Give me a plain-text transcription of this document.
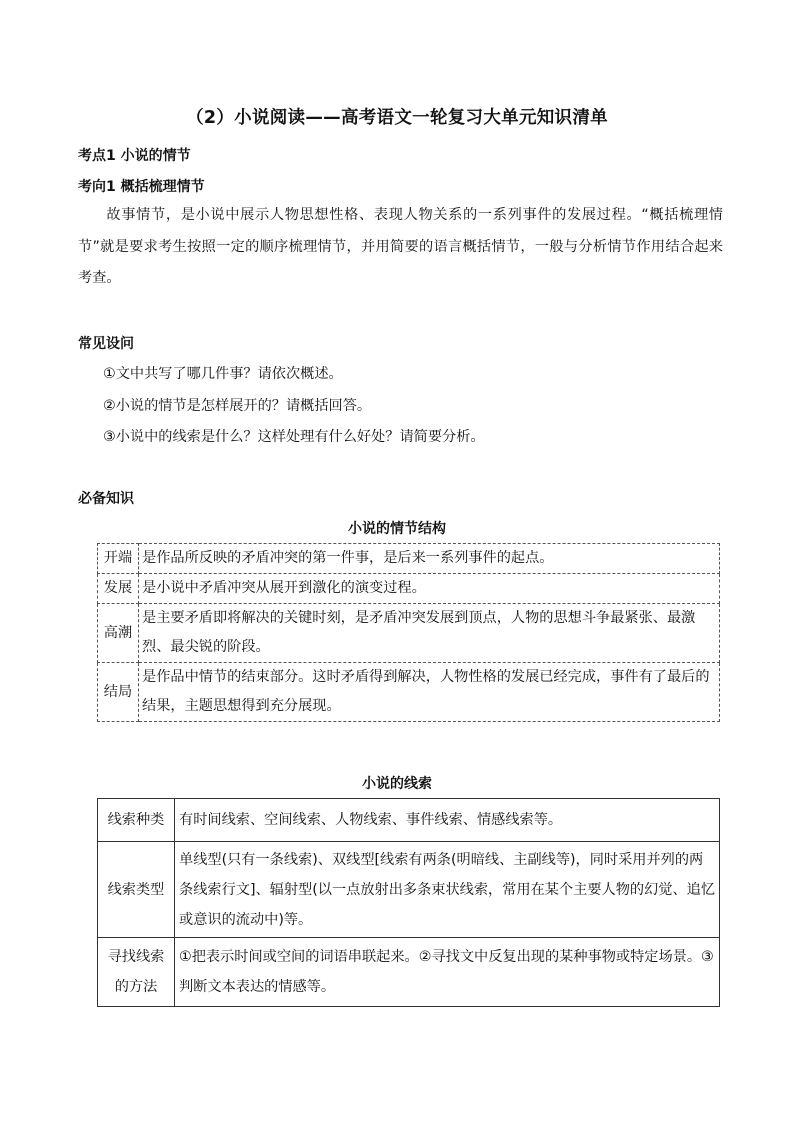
（2）小说阅读——高考语文一轮复习大单元知识清单
考点1 小说的情节
考向1 概括梳理情节
故事情节，是小说中展示人物思想性格、表现人物关系的一系列事件的发展过程。“概括梳理情节”就是要求考生按照一定的顺序梳理情节，并用简要的语言概括情节，一般与分析情节作用结合起来考查。
常见设问
①文中共写了哪几件事？请依次概述。
②小说的情节是怎样展开的？请概括回答。
③小说中的线索是什么？这样处理有什么好处？请简要分析。
必备知识
小说的情节结构
开端	是作品所反映的矛盾冲突的第一件事，是后来一系列事件的起点。
发展	是小说中矛盾冲突从展开到激化的演变过程。
高潮	是主要矛盾即将解决的关键时刻，是矛盾冲突发展到顶点，人物的思想斗争最紧张、最激烈、最尖锐的阶段。
结局	是作品中情节的结束部分。这时矛盾得到解决，人物性格的发展已经完成，事件有了最后的结果，主题思想得到充分展现。
小说的线索
线索种类	有时间线索、空间线索、人物线索、事件线索、情感线索等。
线索类型	单线型(只有一条线索)、双线型[线索有两条(明暗线、主副线等)，同时采用并列的两条线索行文]、辐射型(以一点放射出多条束状线索，常用在某个主要人物的幻觉、追忆或意识的流动中)等。
寻找线索的方法	①把表示时间或空间的词语串联起来。②寻找文中反复出现的某种事物或特定场景。③判断文本表达的情感等。
